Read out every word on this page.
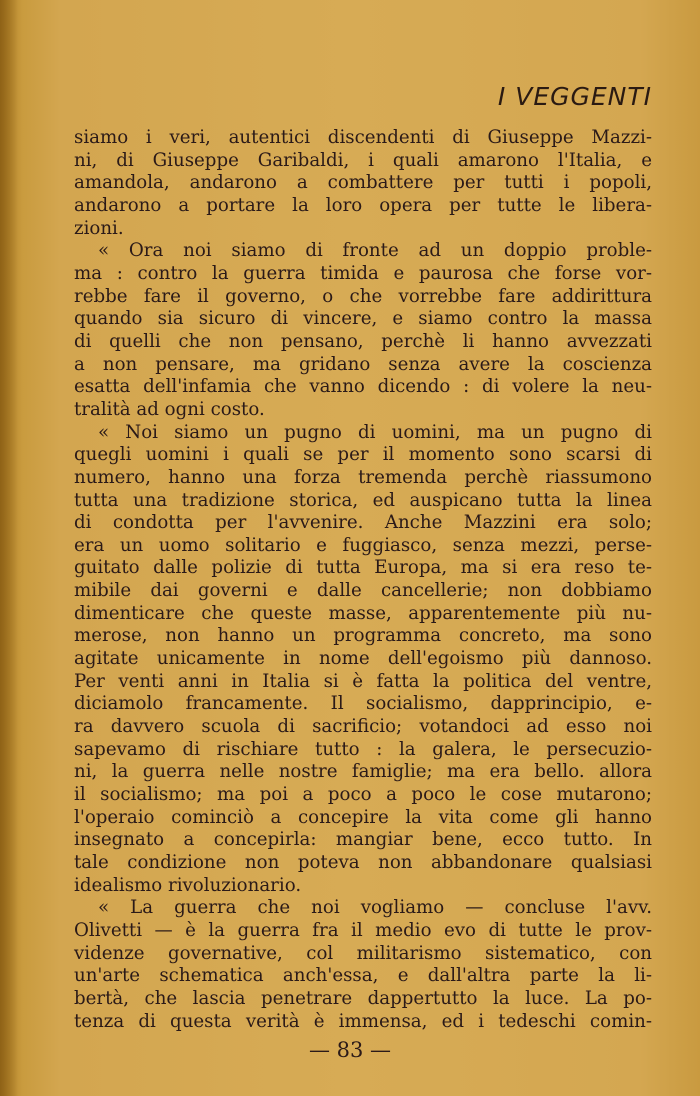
I VEGGENTI
siamo i veri, autentici discendenti di Giuseppe Mazzi-
ni, di Giuseppe Garibaldi, i quali amarono l'Italia, e
amandola, andarono a combattere per tutti i popoli,
andarono a portare la loro opera per tutte le libera-
zioni.
« Ora noi siamo di fronte ad un doppio proble-
ma : contro la guerra timida e paurosa che forse vor-
rebbe fare il governo, o che vorrebbe fare addirittura
quando sia sicuro di vincere, e siamo contro la massa
di quelli che non pensano, perchè li hanno avvezzati
a non pensare, ma gridano senza avere la coscienza
esatta dell'infamia che vanno dicendo : di volere la neu-
tralità ad ogni costo.
« Noi siamo un pugno di uomini, ma un pugno di
quegli uomini i quali se per il momento sono scarsi di
numero, hanno una forza tremenda perchè riassumono
tutta una tradizione storica, ed auspicano tutta la linea
di condotta per l'avvenire. Anche Mazzini era solo;
era un uomo solitario e fuggiasco, senza mezzi, perse-
guitato dalle polizie di tutta Europa, ma si era reso te-
mibile dai governi e dalle cancellerie; non dobbiamo
dimenticare che queste masse, apparentemente più nu-
merose, non hanno un programma concreto, ma sono
agitate unicamente in nome dell'egoismo più dannoso.
Per venti anni in Italia si è fatta la politica del ventre,
diciamolo francamente. Il socialismo, dapprincipio, e-
ra davvero scuola di sacrificio; votandoci ad esso noi
sapevamo di rischiare tutto : la galera, le persecuzio-
ni, la guerra nelle nostre famiglie; ma era bello. allora
il socialismo; ma poi a poco a poco le cose mutarono;
l'operaio cominciò a concepire la vita come gli hanno
insegnato a concepirla: mangiar bene, ecco tutto. In
tale condizione non poteva non abbandonare qualsiasi
idealismo rivoluzionario.
« La guerra che noi vogliamo — concluse l'avv.
Olivetti — è la guerra fra il medio evo di tutte le prov-
videnze governative, col militarismo sistematico, con
un'arte schematica anch'essa, e dall'altra parte la li-
bertà, che lascia penetrare dappertutto la luce. La po-
tenza di questa verità è immensa, ed i tedeschi comin-
— 83 —
